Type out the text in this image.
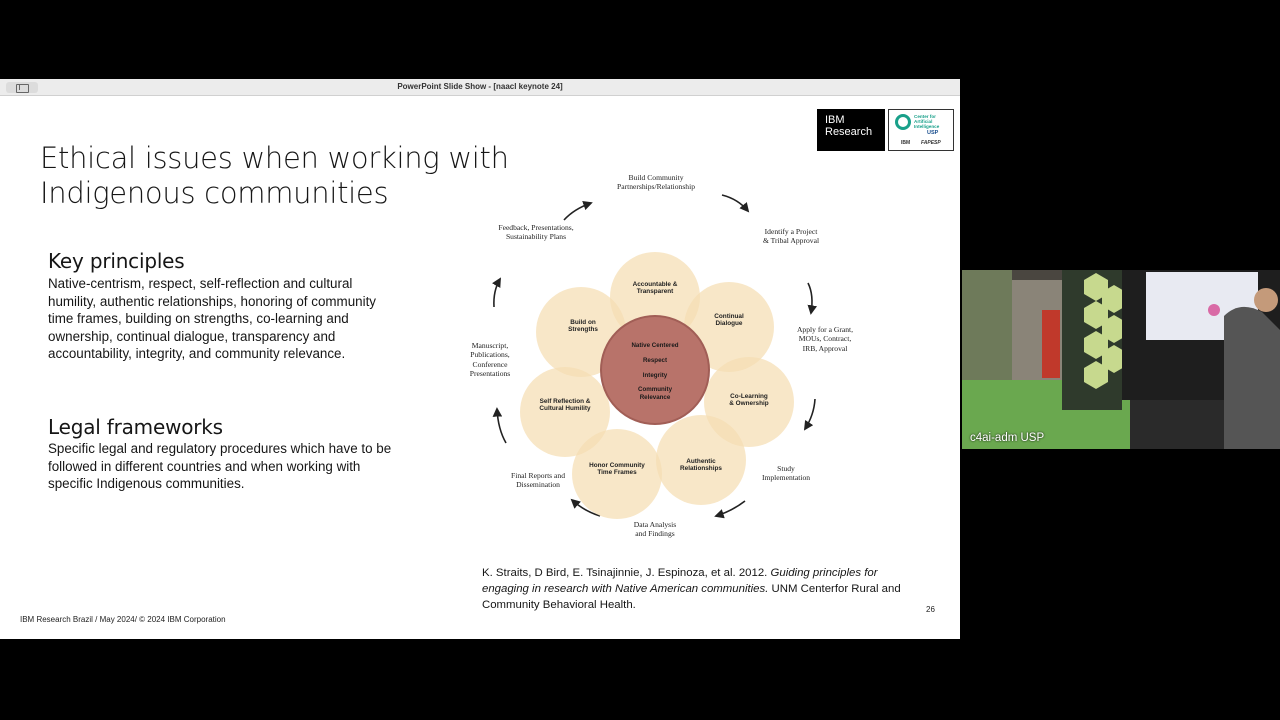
PowerPoint Slide Show - [naacl keynote 24]
Ethical issues when working with
Indigenous communities
IBM
Research
Center for
Artificial
Intelligence
USP
IBM FAPESP
Key principles
Native-centrism, respect, self-reflection and cultural humility, authentic relationships, honoring of community time frames, building on strengths, co-learning and ownership, continual dialogue, transparency and accountability, integrity, and community relevance.
Legal frameworks
Specific legal and regulatory procedures which have to be followed in different countries and when working with specific Indigenous communities.
Native Centered
Respect
Integrity
Community
Relevance
Accountable &
Transparent
Continual
Dialogue
Co-Learning
& Ownership
Authentic
Relationships
Honor Community
Time Frames
Self Reflection &
Cultural Humility
Build on
Strengths
Build Community
Partnerships/Relationship
Identify a Project
& Tribal Approval
Apply for a Grant,
MOUs, Contract,
IRB, Approval
Study
Implementation
Data Analysis
and Findings
Final Reports and
Dissemination
Manuscript,
Publications,
Conference
Presentations
Feedback, Presentations,
Sustainability Plans
K. Straits, D Bird, E. Tsinajinnie, J. Espinoza, et al. 2012. Guiding principles for engaging in research with Native American communities. UNM Centerfor Rural and Community Behavioral Health.
IBM Research Brazil / May 2024/ © 2024 IBM Corporation
26
c4ai-adm USP
